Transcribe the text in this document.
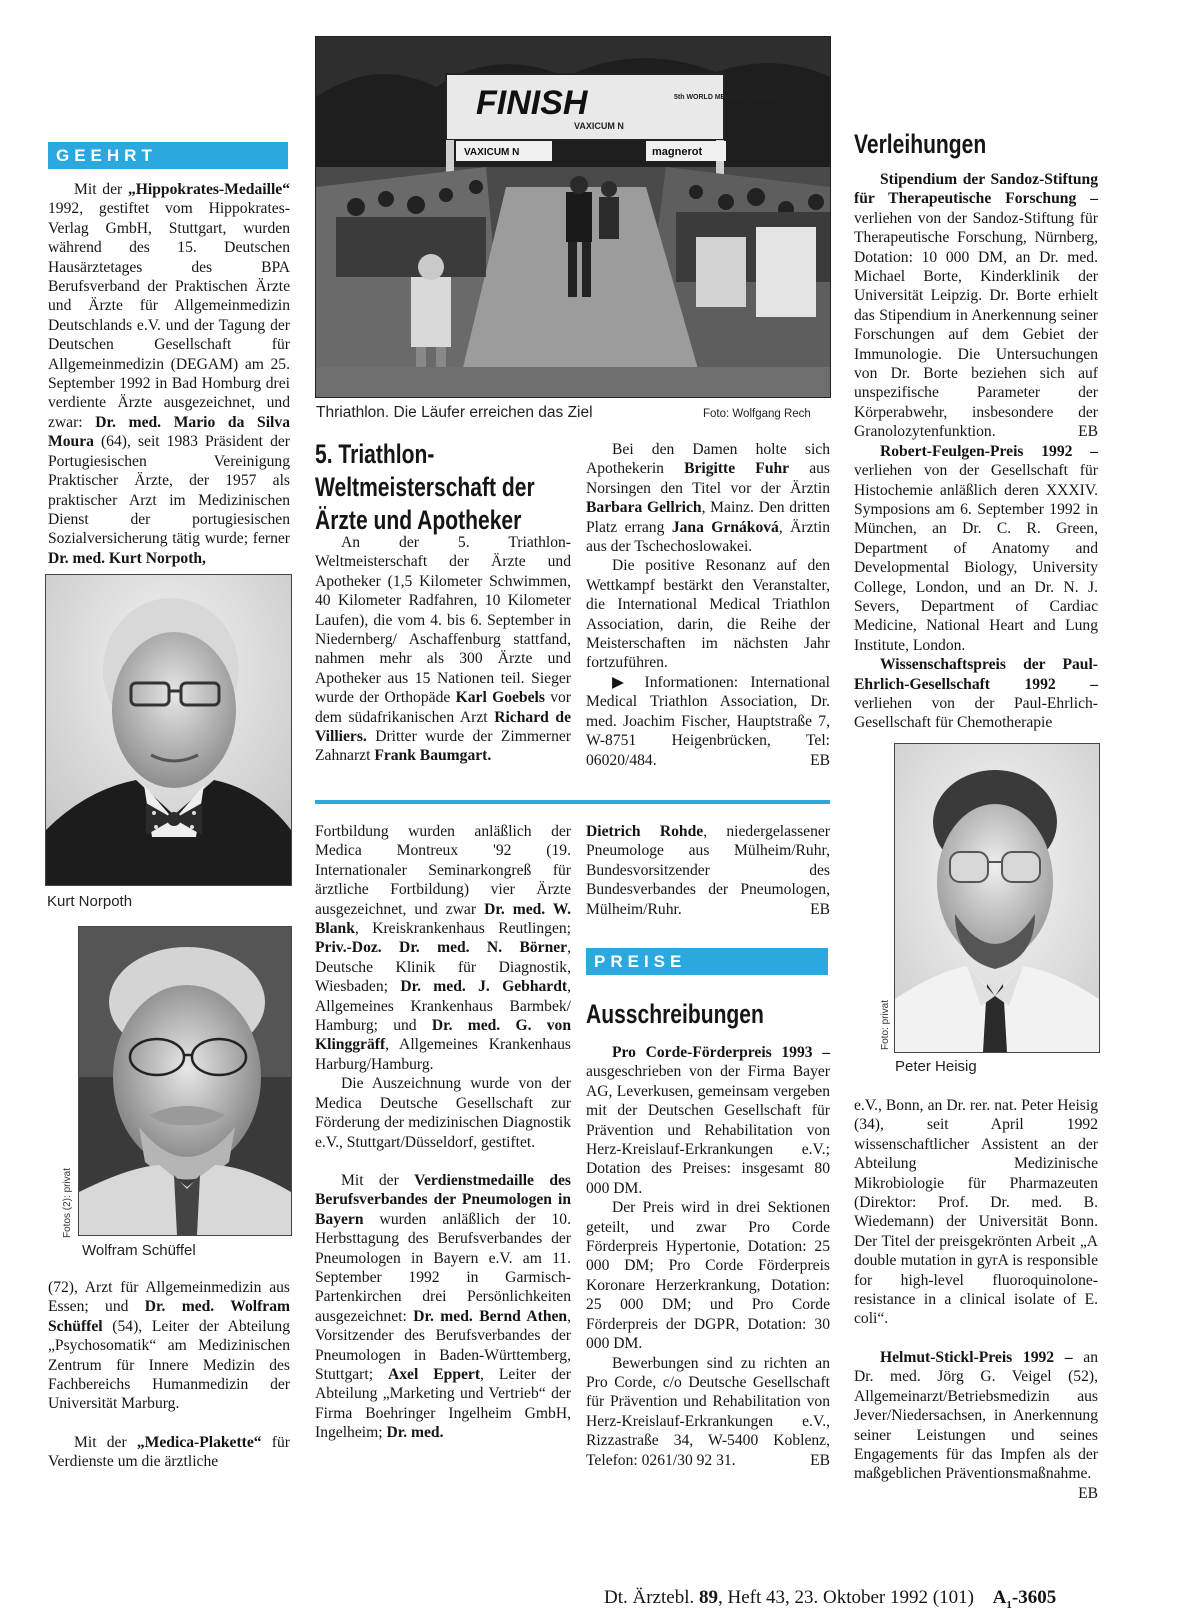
GEEHRT

Mit der „Hippokrates-Medaille“ 1992, gestiftet vom Hippokrates-Verlag GmbH, Stuttgart, wurden während des 15. Deutschen Hausärztetages des BPA Berufsverband der Praktischen Ärzte und Ärzte für Allgemeinmedizin Deutschlands e.V. und der Tagung der Deutschen Gesellschaft für Allgemeinmedizin (DEGAM) am 25. September 1992 in Bad Homburg drei verdiente Ärzte ausgezeichnet, und zwar: Dr. med. Mario da Silva Moura (64), seit 1983 Präsident der Portugiesischen Vereinigung Praktischer Ärzte, der 1957 als praktischer Arzt im Medizinischen Dienst der portugiesischen Sozialversicherung tätig wurde; ferner Dr. med. Kurt Norpoth,

Kurt Norpoth
Fotos (2): privat
Wolfram Schüffel

(72), Arzt für Allgemeinmedizin aus Essen; und Dr. med. Wolfram Schüffel (54), Leiter der Abteilung „Psychosomatik“ am Medizinischen Zentrum für Innere Medizin des Fachbereichs Humanmedizin der Universität Marburg.

Mit der „Medica-Plakette“ für Verdienste um die ärztliche

FINISH	5th WORLD MEDICAL TRIATHLON
VAXICUM N
VAXICUM N	magnerot
Thriathlon. Die Läufer erreichen das Ziel	Foto: Wolfgang Rech
5. Triathlon-
Weltmeisterschaft der
Ärzte und Apotheker

An der 5. Triathlon-Weltmeisterschaft der Ärzte und Apotheker (1,5 Kilometer Schwimmen, 40 Kilometer Radfahren, 10 Kilometer Laufen), die vom 4. bis 6. September in Niedernberg/ Aschaffenburg stattfand, nahmen mehr als 300 Ärzte und Apotheker aus 15 Nationen teil. Sieger wurde der Orthopäde Karl Goebels vor dem südafrikanischen Arzt Richard de Villiers. Dritter wurde der Zimmerner Zahnarzt Frank Baumgart.

Bei den Damen holte sich Apothekerin Brigitte Fuhr aus Norsingen den Titel vor der Ärztin Barbara Gellrich, Mainz. Den dritten Platz errang Jana Grnáková, Ärztin aus der Tschechoslowakei.

Die positive Resonanz auf den Wettkampf bestärkt den Veranstalter, die International Medical Triathlon Association, darin, die Reihe der Meisterschaften im nächsten Jahr fortzuführen.

▶ Informationen: International Medical Triathlon Association, Dr. med. Joachim Fischer, Hauptstraße 7, W-8751 Heigenbrücken, Tel: 06020/484.	EB

Fortbildung wurden anläßlich der Medica Montreux '92 (19. Internationaler Seminarkongreß für ärztliche Fortbildung) vier Ärzte ausgezeichnet, und zwar Dr. med. W. Blank, Kreiskrankenhaus Reutlingen; Priv.-Doz. Dr. med. N. Börner, Deutsche Klinik für Diagnostik, Wiesbaden; Dr. med. J. Gebhardt, Allgemeines Krankenhaus Barmbek/ Hamburg; und Dr. med. G. von Klinggräff, Allgemeines Krankenhaus Harburg/Hamburg.

Die Auszeichnung wurde von der Medica Deutsche Gesellschaft zur Förderung der medizinischen Diagnostik e.V., Stuttgart/Düsseldorf, gestiftet.

Mit der Verdienstmedaille des Berufsverbandes der Pneumologen in Bayern wurden anläßlich der 10. Herbsttagung des Berufsverbandes der Pneumologen in Bayern e.V. am 11. September 1992 in Garmisch-Partenkirchen drei Persönlichkeiten ausgezeichnet: Dr. med. Bernd Athen, Vorsitzender des Berufsverbandes der Pneumologen in Baden-Württemberg, Stuttgart; Axel Eppert, Leiter der Abteilung „Marketing und Vertrieb“ der Firma Boehringer Ingelheim GmbH, Ingelheim; Dr. med.

Dietrich Rohde, niedergelassener Pneumologe aus Mülheim/Ruhr, Bundesvorsitzender des Bundesverbandes der Pneumologen, Mülheim/Ruhr.	EB

PREISE
Ausschreibungen

Pro Corde-Förderpreis 1993 – ausgeschrieben von der Firma Bayer AG, Leverkusen, gemeinsam vergeben mit der Deutschen Gesellschaft für Prävention und Rehabilitation von Herz-Kreislauf-Erkrankungen e.V.; Dotation des Preises: insgesamt 80 000 DM.

Der Preis wird in drei Sektionen geteilt, und zwar Pro Corde Förderpreis Hypertonie, Dotation: 25 000 DM; Pro Corde Förderpreis Koronare Herzerkrankung, Dotation: 25 000 DM; und Pro Corde Förderpreis der DGPR, Dotation: 30 000 DM.

Bewerbungen sind zu richten an Pro Corde, c/o Deutsche Gesellschaft für Prävention und Rehabilitation von Herz-Kreislauf-Erkrankungen e.V., Rizzastraße 34, W-5400 Koblenz, Telefon: 0261/30 92 31.	EB

Verleihungen

Stipendium der Sandoz-Stiftung für Therapeutische Forschung – verliehen von der Sandoz-Stiftung für Therapeutische Forschung, Nürnberg, Dotation: 10 000 DM, an Dr. med. Michael Borte, Kinderklinik der Universität Leipzig. Dr. Borte erhielt das Stipendium in Anerkennung seiner Forschungen auf dem Gebiet der Immunologie. Die Untersuchungen von Dr. Borte beziehen sich auf unspezifische Parameter der Körperabwehr, insbesondere der Granolozytenfunktion.	EB

Robert-Feulgen-Preis 1992 – verliehen von der Gesellschaft für Histochemie anläßlich deren XXXIV. Symposions am 6. September 1992 in München, an Dr. C. R. Green, Department of Anatomy and Developmental Biology, University College, London, und an Dr. N. J. Severs, Department of Cardiac Medicine, National Heart and Lung Institute, London.

Wissenschaftspreis der Paul-Ehrlich-Gesellschaft 1992 – verliehen von der Paul-Ehrlich-Gesellschaft für Chemotherapie

Foto: privat
Peter Heisig

e.V., Bonn, an Dr. rer. nat. Peter Heisig (34), seit April 1992 wissenschaftlicher Assistent an der Abteilung Medizinische Mikrobiologie für Pharmazeuten (Direktor: Prof. Dr. med. B. Wiedemann) der Universität Bonn. Der Titel der preisgekrönten Arbeit „A double mutation in gyrA is responsible for high-level fluoroquinolone-resistance in a clinical isolate of E. coli“.

Helmut-Stickl-Preis 1992 – an Dr. med. Jörg G. Veigel (52), Allgemeinarzt/Betriebsmedizin aus Jever/Niedersachsen, in Anerkennung seiner Leistungen und seines Engagements für das Impfen als der maßgeblichen Präventionsmaßnahme.
EB

Dt. Ärztebl. 89, Heft 43, 23. Oktober 1992 (101) $A_1-3605$
